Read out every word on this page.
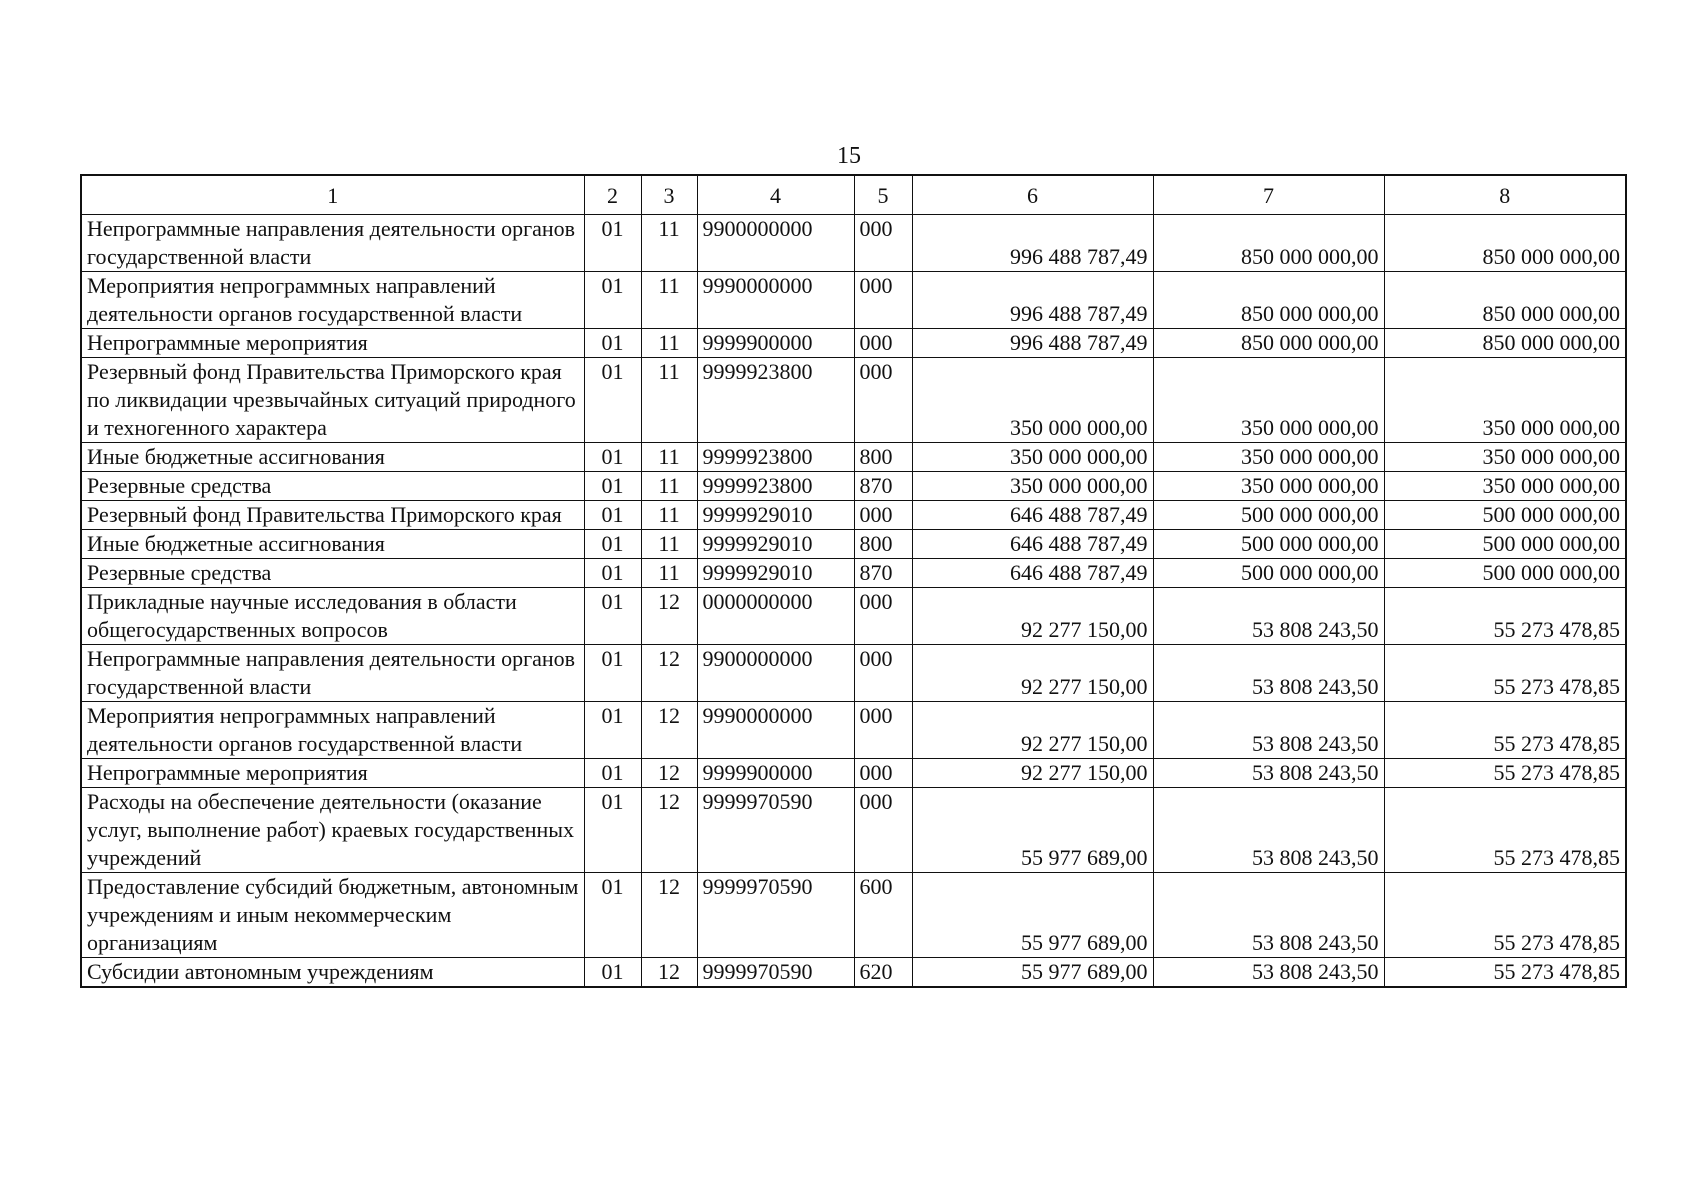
15
1	2	3	4	5	6	7	8
Непрограммные направления деятельности органов государственной власти	01	11	9900000000	000	996 488 787,49	850 000 000,00	850 000 000,00

Мероприятия непрограммных направлений деятельности органов государственной власти	01	11	9990000000	000	996 488 787,49	850 000 000,00	850 000 000,00

Непрограммные мероприятия	01	11	9999900000	000	996 488 787,49	850 000 000,00	850 000 000,00

Резервный фонд Правительства Приморского края по ликвидации чрезвычайных ситуаций природного и техногенного характера	01	11	9999923800	000	350 000 000,00	350 000 000,00	350 000 000,00

Иные бюджетные ассигнования	01	11	9999923800	800	350 000 000,00	350 000 000,00	350 000 000,00

Резервные средства	01	11	9999923800	870	350 000 000,00	350 000 000,00	350 000 000,00

Резервный фонд Правительства Приморского края	01	11	9999929010	000	646 488 787,49	500 000 000,00	500 000 000,00

Иные бюджетные ассигнования	01	11	9999929010	800	646 488 787,49	500 000 000,00	500 000 000,00

Резервные средства	01	11	9999929010	870	646 488 787,49	500 000 000,00	500 000 000,00

Прикладные научные исследования в области общегосударственных вопросов	01	12	0000000000	000	92 277 150,00	53 808 243,50	55 273 478,85

Непрограммные направления деятельности органов государственной власти	01	12	9900000000	000	92 277 150,00	53 808 243,50	55 273 478,85

Мероприятия непрограммных направлений деятельности органов государственной власти	01	12	9990000000	000	92 277 150,00	53 808 243,50	55 273 478,85

Непрограммные мероприятия	01	12	9999900000	000	92 277 150,00	53 808 243,50	55 273 478,85

Расходы на обеспечение деятельности (оказание услуг, выполнение работ) краевых государственных учреждений	01	12	9999970590	000	55 977 689,00	53 808 243,50	55 273 478,85

Предоставление субсидий бюджетным, автономным учреждениям и иным некоммерческим организациям	01	12	9999970590	600	55 977 689,00	53 808 243,50	55 273 478,85

Субсидии автономным учреждениям	01	12	9999970590	620	55 977 689,00	53 808 243,50	55 273 478,85
